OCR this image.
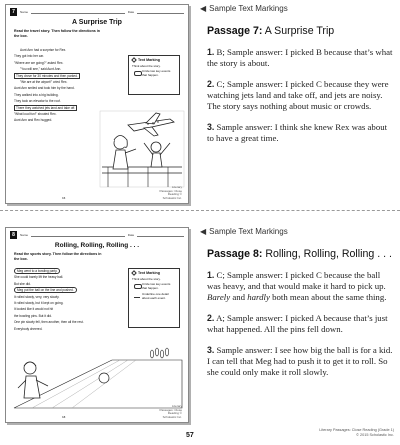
7	Name	Date
A Surprise Trip
Read the travel story. Then follow the directions in the box.
Aunt Ann had a surprise for Rex.
They got into her car.
"Where are we going?" asked Rex.
"You will see," said Aunt Ann.
They drove for 30 minutes and then parked.
"We are at the airport!" cried Rex.
Aunt Ann smiled and took him by the hand.
They walked into a big building.
They took an elevator to the roof.
There they watched jets land and take off.
"What loud fun!" shouted Rex.
Aunt Ann and Rex hugged.
Text Marking
Think about the story.
Circle two key events that happen.
16
Literary Passages: Close Reading © Scholastic Inc.
◀ Sample Text Markings
Passage 7: A Surprise Trip
1. B; Sample answer: I picked B because that’s what the story is about.
2. C; Sample answer: I picked C because they were watching jets land and take off, and jets are noisy. The story says nothing about music or crowds.
3. Sample answer: I think she knew Rex was about to have a great time.
8	Name	Date
Rolling, Rolling, Rolling . . .
Read the sports story. Then follow the directions in the box.
Meg went to a bowling party.
She could barely lift the heavy ball.
But she did.
Meg put the ball on the line and pushed.
It rolled slowly, very, very slowly.
It rolled slowly, but it kept on going.
It looked like it would not hit
the bowling pins. But it did.
One pin slowly fell, then another, then all the rest.
Everybody cheered.
Text Marking
Think about the story.
Circle two key events that happen.
Underline one detail about each event.
18
Literary Passages: Close Reading © Scholastic Inc.
◀ Sample Text Markings
Passage 8: Rolling, Rolling, Rolling . . .
1. C; Sample answer: I picked C because the ball was heavy, and that would make it hard to pick up. Barely and hardly both mean about the same thing.
2. A; Sample answer: I picked A because that’s just what happened. All the pins fell down.
3. Sample answer: I see how big the ball is for a kid. I can tell that Meg had to push it to get it to roll. So she could only make it roll slowly.
57
Literary Passages: Close Reading (Grade 1)
© 2015 Scholastic Inc.
